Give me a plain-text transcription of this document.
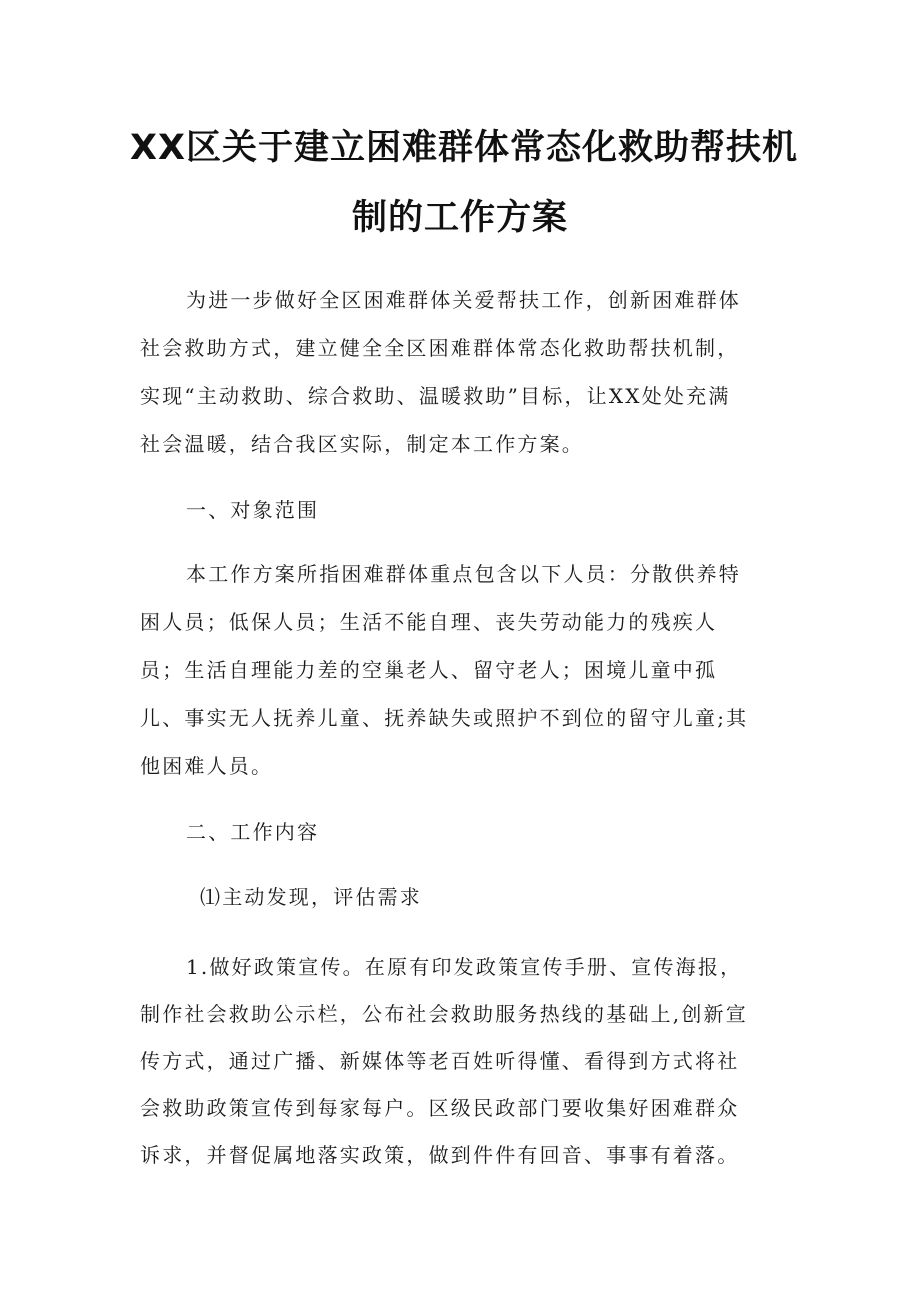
XX区关于建立困难群体常态化救助帮扶机
制的工作方案
为进一步做好全区困难群体关爱帮扶工作，创新困难群体
社会救助方式，建立健全全区困难群体常态化救助帮扶机制，
实现“主动救助、综合救助、温暖救助”目标，让XX处处充满
社会温暖，结合我区实际，制定本工作方案。
一、对象范围
本工作方案所指困难群体重点包含以下人员：分散供养特
困人员；低保人员；生活不能自理、丧失劳动能力的残疾人
员；生活自理能力差的空巢老人、留守老人；困境儿童中孤
儿、事实无人抚养儿童、抚养缺失或照护不到位的留守儿童;其
他困难人员。
二、工作内容
⑴主动发现，评估需求
1.做好政策宣传。在原有印发政策宣传手册、宣传海报，
制作社会救助公示栏，公布社会救助服务热线的基础上,创新宣
传方式，通过广播、新媒体等老百姓听得懂、看得到方式将社
会救助政策宣传到每家每户。区级民政部门要收集好困难群众
诉求，并督促属地落实政策，做到件件有回音、事事有着落。
